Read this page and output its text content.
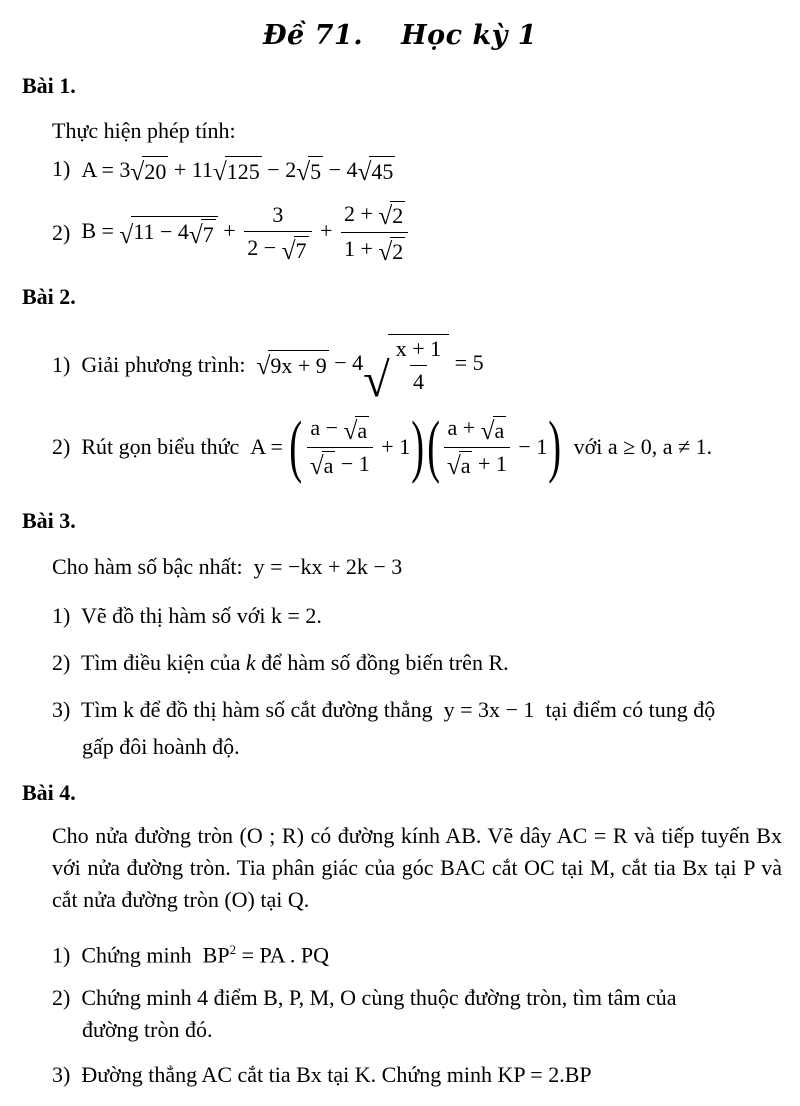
Đề 71. Học kỳ 1
Bài 1.
Thực hiện phép tính:
1) A = 3√20 + 11√125 − 2√5 − 4√45
2) $B = √11 - 4√7 + \frac{3}{2 - √7} + \frac{2 + √2}{1 + √2}$
Bài 2.
1) Giải phương trình: $√9x + 9 - 4√ \frac{x + 1}{4} = 5$
2) Rút gọn biểu thức A = ( $\frac{a - √a}{√a - 1} + 1)( \frac{a + √a}{√a + 1} - 1)$ với a ≥ 0, a ≠ 1.
Bài 3.
Cho hàm số bậc nhất: y = −kx + 2k − 3
1) Vẽ đồ thị hàm số với k = 2.
2) Tìm điều kiện của k để hàm số đồng biến trên R.
3) Tìm k để đồ thị hàm số cắt đường thẳng y = 3x − 1 tại điểm có tung độ
gấp đôi hoành độ.
Bài 4.
Cho nửa đường tròn (O ; R) có đường kính AB. Vẽ dây AC = R và tiếp tuyến Bx với nửa đường tròn. Tia phân giác của góc BAC cắt OC tại M, cắt tia Bx tại P và cắt nửa đường tròn (O) tại Q.
1) Chứng minh $BP^2$ = PA . PQ
2) Chứng minh 4 điểm B, P, M, O cùng thuộc đường tròn, tìm tâm của
đường tròn đó.
3) Đường thẳng AC cắt tia Bx tại K. Chứng minh KP = 2.BP
